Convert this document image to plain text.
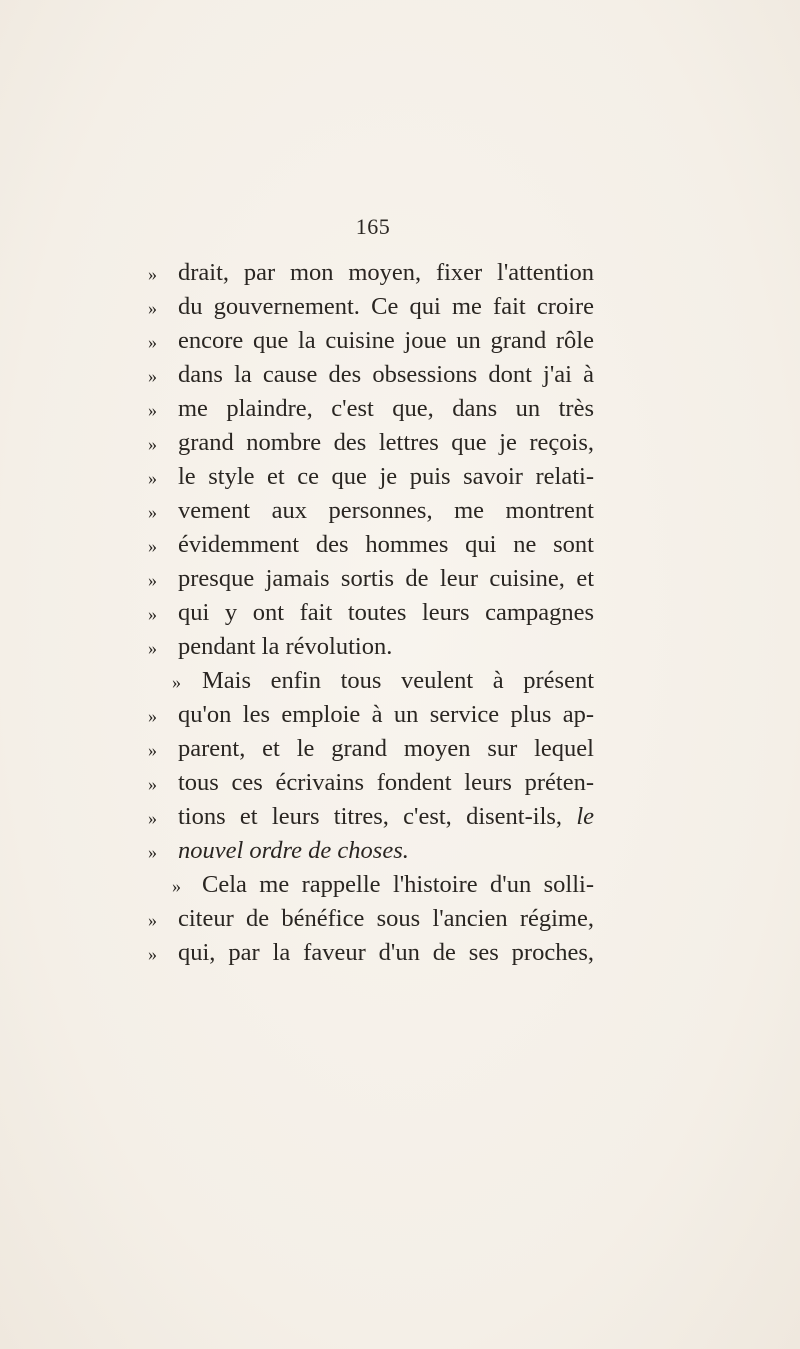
165
» drait, par mon moyen, fixer l'attention
» du gouvernement. Ce qui me fait croire
» encore que la cuisine joue un grand rôle
» dans la cause des obsessions dont j'ai à
» me plaindre, c'est que, dans un très
» grand nombre des lettres que je reçois,
» le style et ce que je puis savoir relati-
» vement aux personnes, me montrent
» évidemment des hommes qui ne sont
» presque jamais sortis de leur cuisine, et
» qui y ont fait toutes leurs campagnes
» pendant la révolution.
» Mais enfin tous veulent à présent
» qu'on les emploie à un service plus ap-
» parent, et le grand moyen sur lequel
» tous ces écrivains fondent leurs préten-
» tions et leurs titres, c'est, disent-ils, le
» nouvel ordre de choses.
» Cela me rappelle l'histoire d'un solli-
» citeur de bénéfice sous l'ancien régime,
» qui, par la faveur d'un de ses proches,
